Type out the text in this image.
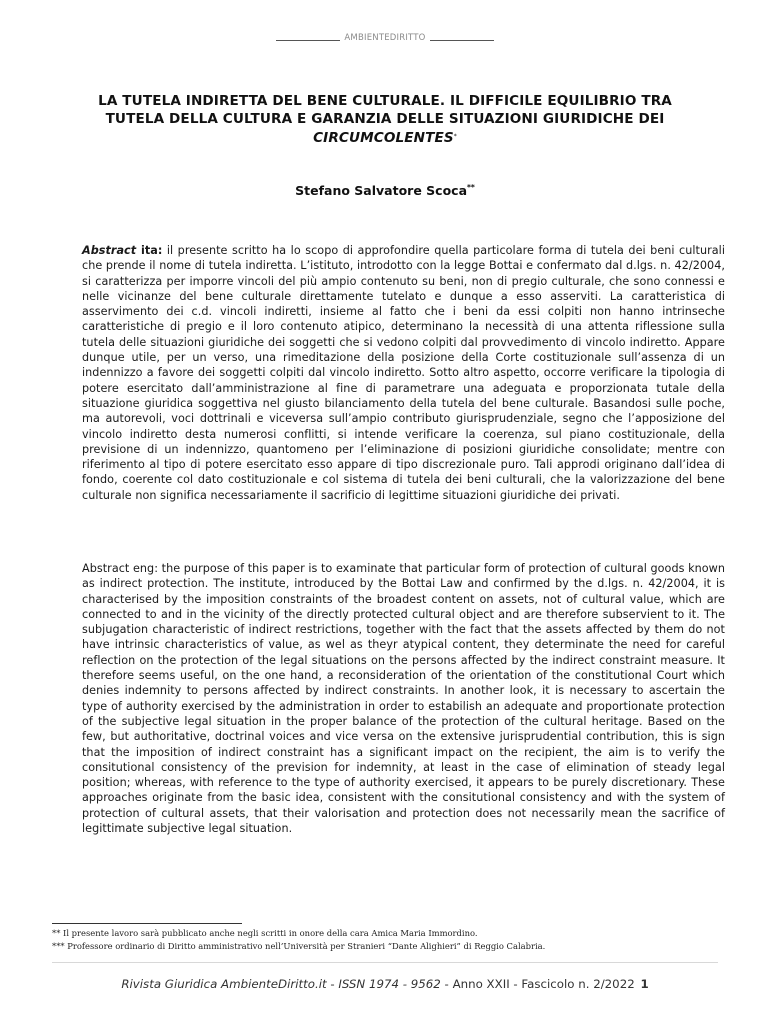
AMBIENTEDIRITTO
LA TUTELA INDIRETTA DEL BENE CULTURALE. IL DIFFICILE EQUILIBRIO TRA TUTELA DELLA CULTURA E GARANZIA DELLE SITUAZIONI GIURIDICHE DEI CIRCUMCOLENTES*
Stefano Salvatore Scoca**

Abstract ita: il presente scritto ha lo scopo di approfondire quella particolare forma di tutela dei beni culturali che prende il nome di tutela indiretta. L’istituto, introdotto con la legge Bottai e confermato dal d.lgs. n. 42/2004, si caratterizza per imporre vincoli del più ampio contenuto su beni, non di pregio culturale, che sono connessi e nelle vicinanze del bene culturale direttamente tutelato e dunque a esso asserviti. La caratteristica di asservimento dei c.d. vincoli indiretti, insieme al fatto che i beni da essi colpiti non hanno intrinseche caratteristiche di pregio e il loro contenuto atipico, determinano la necessità di una attenta riflessione sulla tutela delle situazioni giuridiche dei soggetti che si vedono colpiti dal provvedimento di vincolo indiretto. Appare dunque utile, per un verso, una rimeditazione della posizione della Corte costituzionale sull’assenza di un indennizzo a favore dei soggetti colpiti dal vincolo indiretto. Sotto altro aspetto, occorre verificare la tipologia di potere esercitato dall’amministrazione al fine di parametrare una adeguata e proporzionata tutale della situazione giuridica soggettiva nel giusto bilanciamento della tutela del bene culturale. Basandosi sulle poche, ma autorevoli, voci dottrinali e viceversa sull’ampio contributo giurisprudenziale, segno che l’apposizione del vincolo indiretto desta numerosi conflitti, si intende verificare la coerenza, sul piano costituzionale, della previsione di un indennizzo, quantomeno per l’eliminazione di posizioni giuridiche consolidate; mentre con riferimento al tipo di potere esercitato esso appare di tipo discrezionale puro. Tali approdi originano dall’idea di fondo, coerente col dato costituzionale e col sistema di tutela dei beni culturali, che la valorizzazione del bene culturale non significa necessariamente il sacrificio di legittime situazioni giuridiche dei privati.

Abstract eng: the purpose of this paper is to examinate that particular form of protection of cultural goods known as indirect protection. The institute, introduced by the Bottai Law and confirmed by the d.lgs. n. 42/2004, it is characterised by the imposition constraints of the broadest content on assets, not of cultural value, which are connected to and in the vicinity of the directly protected cultural object and are therefore subservient to it. The subjugation characteristic of indirect restrictions, together with the fact that the assets affected by them do not have intrinsic characteristics of value, as wel as theyr atypical content, they determinate the need for careful reflection on the protection of the legal situations on the persons affected by the indirect constraint measure. It therefore seems useful, on the one hand, a reconsideration of the orientation of the constitutional Court which denies indemnity to persons affected by indirect constraints. In another look, it is necessary to ascertain the type of authority exercised by the administration in order to estabilish an adequate and proportionate protection of the subjective legal situation in the proper balance of the protection of the cultural heritage. Based on the few, but authoritative, doctrinal voices and vice versa on the extensive jurisprudential contribution, this is sign that the imposition of indirect constraint has a significant impact on the recipient, the aim is to verify the consitutional consistency of the prevision for indemnity, at least in the case of elimination of steady legal position; whereas, with reference to the type of authority exercised, it appears to be purely discretionary. These approaches originate from the basic idea, consistent with the consitutional consistency and with the system of protection of cultural assets, that their valorisation and protection does not necessarily mean the sacrifice of legittimate subjective legal situation.

** Il presente lavoro sarà pubblicato anche negli scritti in onore della cara Amica Maria Immordino.

*** Professore ordinario di Diritto amministrativo nell’Università per Stranieri “Dante Alighieri” di Reggio Calabria.

Rivista Giuridica AmbienteDiritto.it - ISSN 1974 - 9562 - Anno XXII - Fascicolo n. 2/2022 1
